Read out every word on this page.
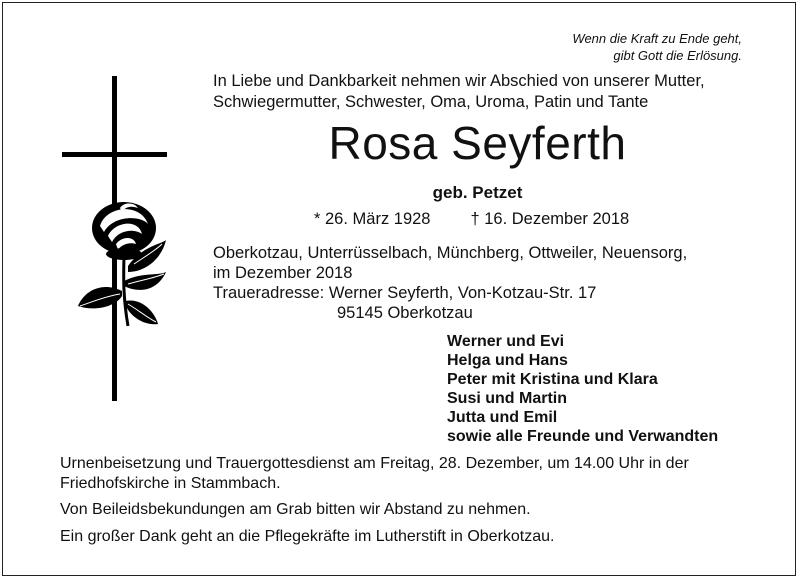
Wenn die Kraft zu Ende geht,
gibt Gott die Erlösung.
In Liebe und Dankbarkeit nehmen wir Abschied von unserer Mutter,
Schwiegermutter, Schwester, Oma, Uroma, Patin und Tante
Rosa Seyferth
geb. Petzet
* 26. März 1928 † 16. Dezember 2018
Oberkotzau, Unterrüsselbach, Münchberg, Ottweiler, Neuensorg,
im Dezember 2018
Traueradresse: Werner Seyferth, Von-Kotzau-Str. 17
95145 Oberkotzau
Werner und Evi
Helga und Hans
Peter mit Kristina und Klara
Susi und Martin
Jutta und Emil
sowie alle Freunde und Verwandten
Urnenbeisetzung und Trauergottesdienst am Freitag, 28. Dezember, um 14.00 Uhr in der
Friedhofskirche in Stammbach.
Von Beileidsbekundungen am Grab bitten wir Abstand zu nehmen.
Ein großer Dank geht an die Pflegekräfte im Lutherstift in Oberkotzau.
